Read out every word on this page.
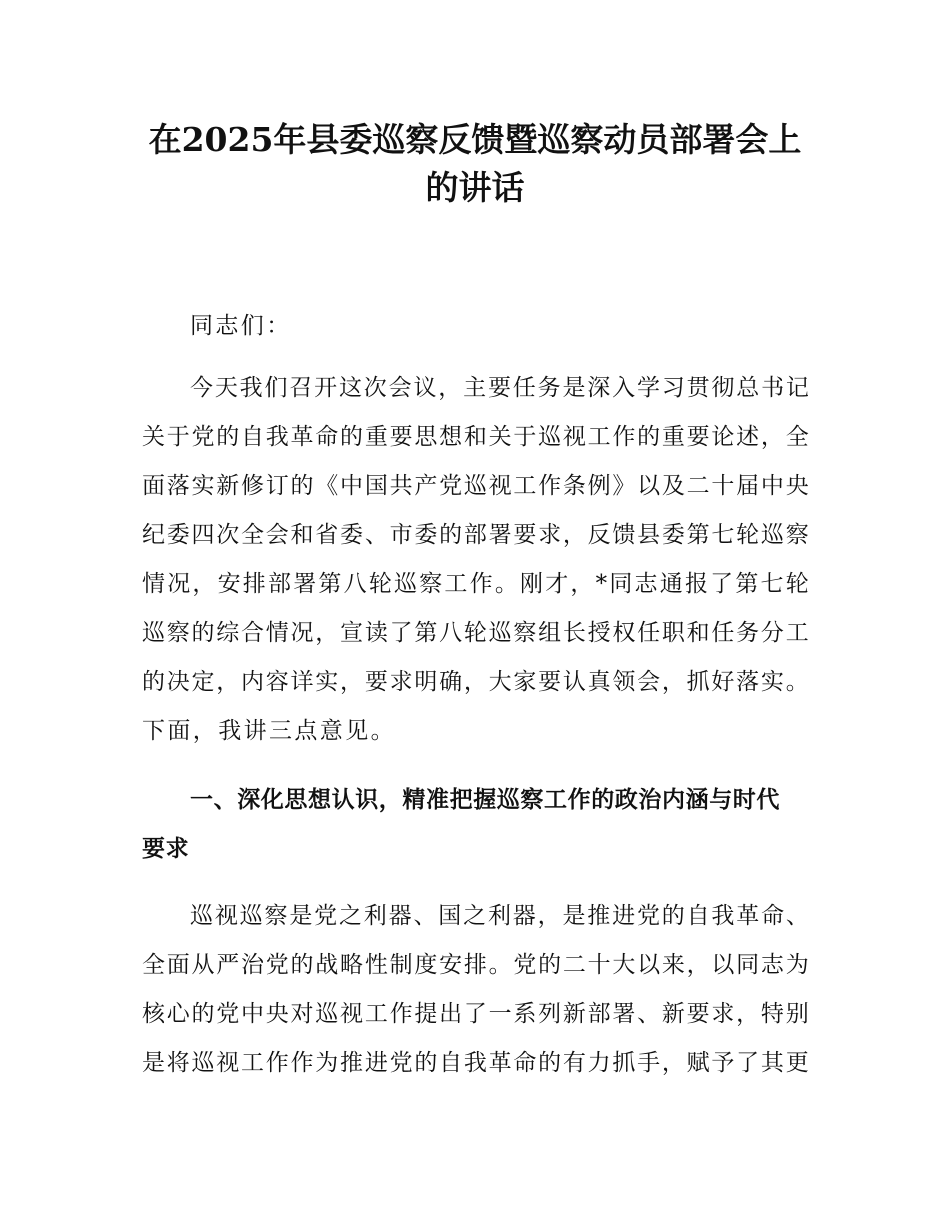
在2025年县委巡察反馈暨巡察动员部署会上
的讲话
同志们：
今天我们召开这次会议，主要任务是深入学习贯彻总书记
关于党的自我革命的重要思想和关于巡视工作的重要论述，全
面落实新修订的《中国共产党巡视工作条例》以及二十届中央
纪委四次全会和省委、市委的部署要求，反馈县委第七轮巡察
情况，安排部署第八轮巡察工作。刚才，*同志通报了第七轮
巡察的综合情况，宣读了第八轮巡察组长授权任职和任务分工
的决定，内容详实，要求明确，大家要认真领会，抓好落实。
下面，我讲三点意见。
一、深化思想认识，精准把握巡察工作的政治内涵与时代
要求
巡视巡察是党之利器、国之利器，是推进党的自我革命、
全面从严治党的战略性制度安排。党的二十大以来，以同志为
核心的党中央对巡视工作提出了一系列新部署、新要求，特别
是将巡视工作作为推进党的自我革命的有力抓手，赋予了其更
